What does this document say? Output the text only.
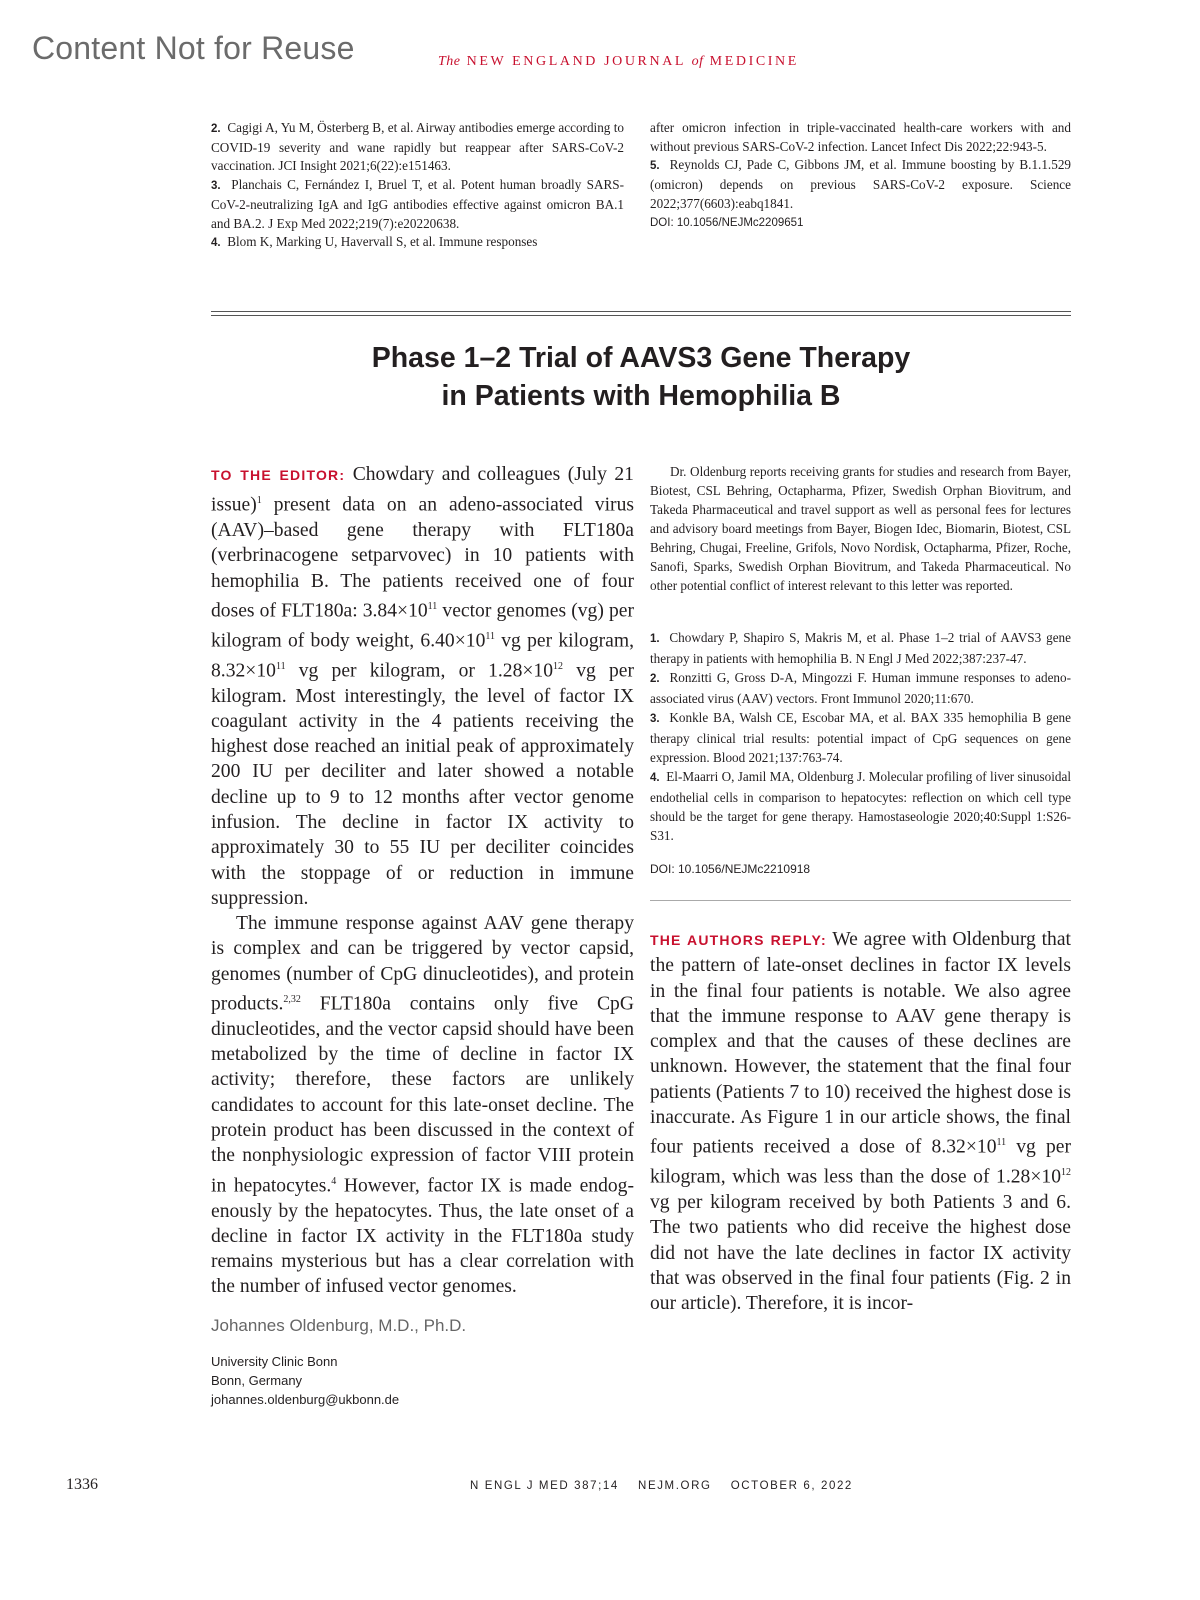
Content Not for Reuse	The NEW ENGLAND JOURNAL of MEDICINE

2. Cagigi A, Yu M, Österberg B, et al. Airway antibodies emerge according to COVID-19 severity and wane rapidly but reappear after SARS-CoV-2 vaccination. JCI Insight 2021;6(22):e151463.

3. Planchais C, Fernández I, Bruel T, et al. Potent human broadly SARS-CoV-2-neutralizing IgA and IgG antibodies effective against omicron BA.1 and BA.2. J Exp Med 2022;219(7):e20220638.

4. Blom K, Marking U, Havervall S, et al. Immune responses

after omicron infection in triple-vaccinated health-care workers with and without previous SARS-CoV-2 infection. Lancet Infect Dis 2022;22:943-5.

5. Reynolds CJ, Pade C, Gibbons JM, et al. Immune boosting by B.1.1.529 (omicron) depends on previous SARS-CoV-2 exposure. Science 2022;377(6603):eabq1841.

DOI: 10.1056/NEJMc2209651

Phase 1–2 Trial of AAVS3 Gene Therapy
in Patients with Hemophilia B

TO THE EDITOR: Chowdary and colleagues (July 21 issue)$^1$ present data on an adeno-associated virus (AAV)–based gene therapy with FLT180a (verbrinacogene setparvovec) in 10 patients with hemophilia B. The patients received one of four doses of FLT180a: $3.84\times 10^{11}$ vector genomes (vg) per kilogram of body weight, $6.40\times 10^{11}$ vg per kilogram, $8.32\times 10^{11}$ vg per kilogram, or $1.28\times 10^{12}$ vg per kilogram. Most interestingly, the level of factor IX coagulant activity in the 4 patients receiving the highest dose reached an initial peak of approximately 200 IU per deciliter and later showed a notable decline up to 9 to 12 months after vector genome infusion. The decline in factor IX activity to approximately 30 to 55 IU per deciliter coincides with the stoppage of or reduction in immune suppression.

The immune response against AAV gene therapy is complex and can be triggered by vector capsid, genomes (number of CpG dinucleotides), and protein products.$^{2,32}$ FLT180a contains only five CpG dinucleotides, and the vector capsid should have been metabolized by the time of decline in factor IX activity; therefore, these factors are unlikely candidates to account for this late-onset decline. The protein product has been discussed in the context of the nonphysiologic expression of factor VIII protein in hepatocytes.$^4$ However, factor IX is made endogenously by the hepatocytes. Thus, the late onset of a decline in factor IX activity in the FLT180a study remains mysterious but has a clear correlation with the number of infused vector genomes.

Johannes Oldenburg, M.D., Ph.D.

University Clinic Bonn

Bonn, Germany

johannes.oldenburg@ukbonn.de

Dr. Oldenburg reports receiving grants for studies and research from Bayer, Biotest, CSL Behring, Octapharma, Pfizer, Swedish Orphan Biovitrum, and Takeda Pharmaceutical and travel support as well as personal fees for lectures and advisory board meetings from Bayer, Biogen Idec, Biomarin, Biotest, CSL Behring, Chugai, Freeline, Grifols, Novo Nordisk, Octapharma, Pfizer, Roche, Sanofi, Sparks, Swedish Orphan Biovitrum, and Takeda Pharmaceutical. No other potential conflict of interest relevant to this letter was reported.

1. Chowdary P, Shapiro S, Makris M, et al. Phase 1–2 trial of AAVS3 gene therapy in patients with hemophilia B. N Engl J Med 2022;387:237-47.

2. Ronzitti G, Gross D-A, Mingozzi F. Human immune responses to adeno-associated virus (AAV) vectors. Front Immunol 2020;11:670.

3. Konkle BA, Walsh CE, Escobar MA, et al. BAX 335 hemophilia B gene therapy clinical trial results: potential impact of CpG sequences on gene expression. Blood 2021;137:763-74.

4. El-Maarri O, Jamil MA, Oldenburg J. Molecular profiling of liver sinusoidal endothelial cells in comparison to hepatocytes: reflection on which cell type should be the target for gene therapy. Hamostaseologie 2020;40:Suppl 1:S26-S31.

DOI: 10.1056/NEJMc2210918

THE AUTHORS REPLY: We agree with Oldenburg that the pattern of late-onset declines in factor IX levels in the final four patients is notable. We also agree that the immune response to AAV gene therapy is complex and that the causes of these declines are unknown. However, the statement that the final four patients (Patients 7 to 10) received the highest dose is inaccurate. As Figure 1 in our article shows, the final four patients received a dose of $8.32\times 10^{11}$ vg per kilogram, which was less than the dose of $1.28\times 10^{12}$ vg per kilogram received by both Patients 3 and 6. The two patients who did receive the highest dose did not have the late declines in factor IX activity that was observed in the final four patients (Fig. 2 in our article). Therefore, it is incor-

1336	N ENGL J MED 387;14    NEJM.ORG    OCTOBER 6, 2022
